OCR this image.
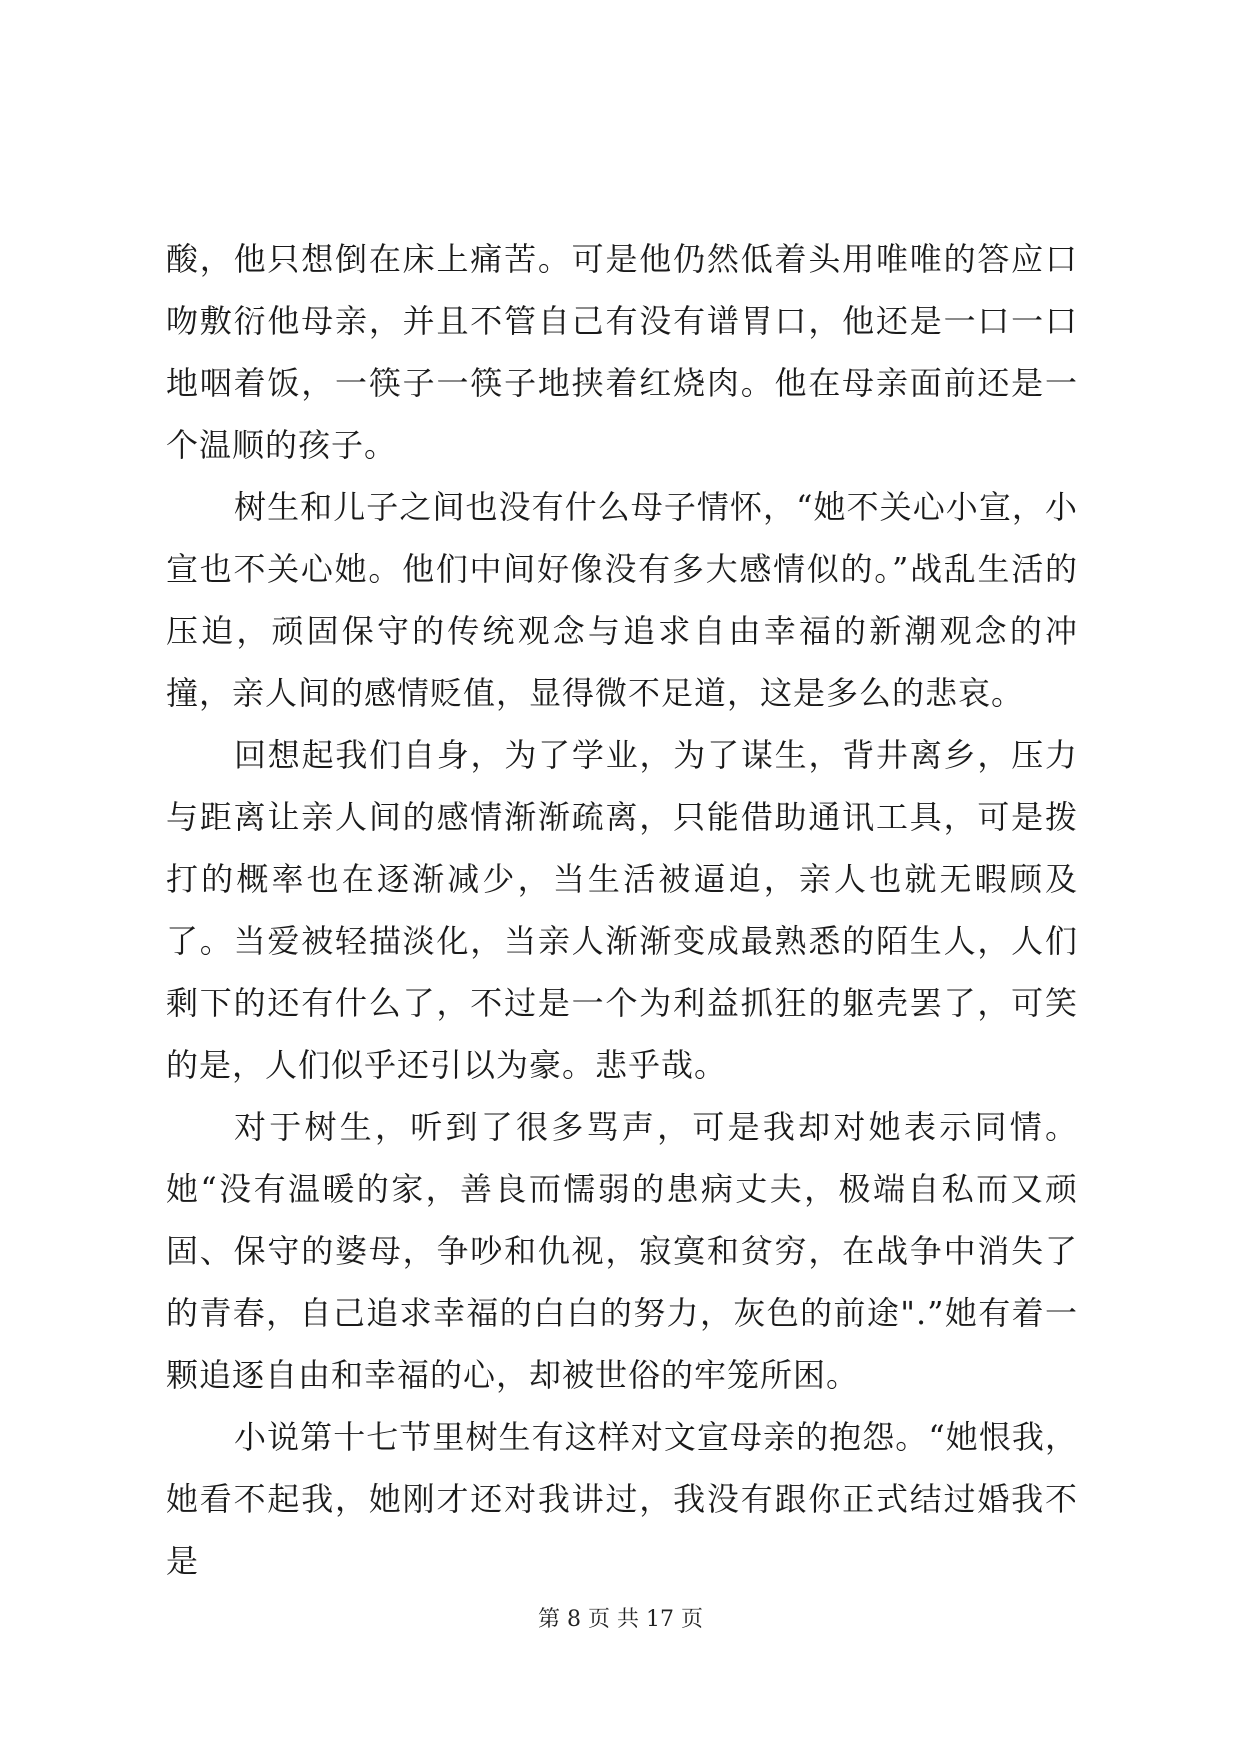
酸，他只想倒在床上痛苦。可是他仍然低着头用唯唯的答应口吻敷衍他母亲，并且不管自己有没有谱胃口，他还是一口一口地咽着饭，一筷子一筷子地挟着红烧肉。他在母亲面前还是一个温顺的孩子。

树生和儿子之间也没有什么母子情怀，“她不关心小宣，小宣也不关心她。他们中间好像没有多大感情似的。”战乱生活的压迫，顽固保守的传统观念与追求自由幸福的新潮观念的冲撞，亲人间的感情贬值，显得微不足道，这是多么的悲哀。

回想起我们自身，为了学业，为了谋生，背井离乡，压力与距离让亲人间的感情渐渐疏离，只能借助通讯工具，可是拨打的概率也在逐渐减少，当生活被逼迫，亲人也就无暇顾及了。当爱被轻描淡化，当亲人渐渐变成最熟悉的陌生人，人们剩下的还有什么了，不过是一个为利益抓狂的躯壳罢了，可笑的是，人们似乎还引以为豪。悲乎哉。

对于树生，听到了很多骂声，可是我却对她表示同情。她“没有温暖的家，善良而懦弱的患病丈夫，极端自私而又顽固、保守的婆母，争吵和仇视，寂寞和贫穷，在战争中消失了的青春，自己追求幸福的白白的努力，灰色的前途".”她有着一颗追逐自由和幸福的心，却被世俗的牢笼所困。

小说第十七节里树生有这样对文宣母亲的抱怨。“她恨我，她看不起我，她刚才还对我讲过，我没有跟你正式结过婚我不是

第 8 页 共 17 页
